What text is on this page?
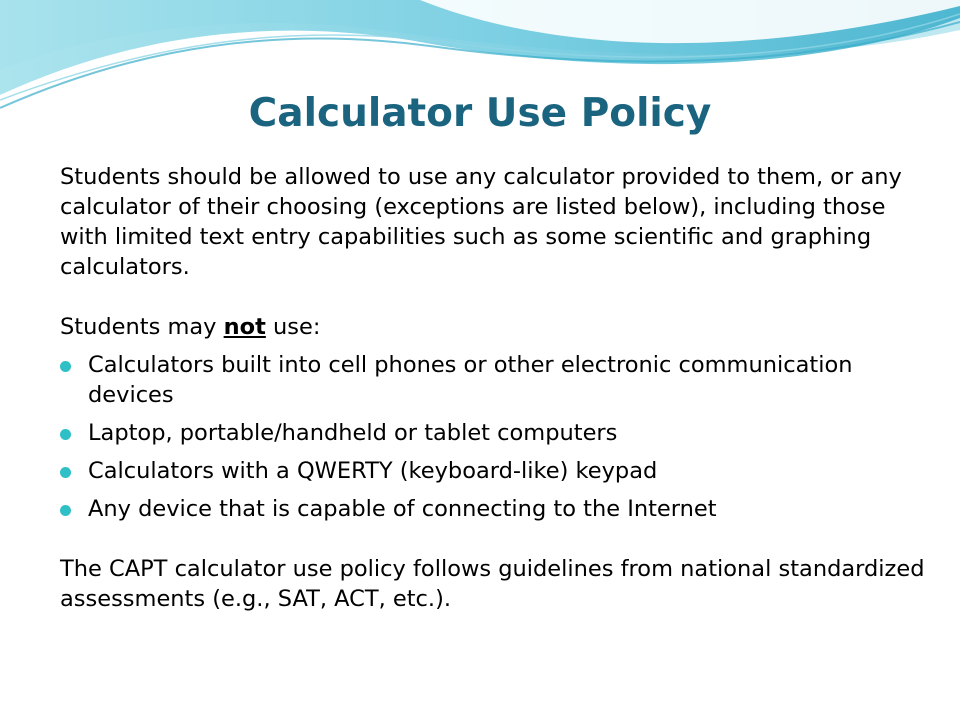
Calculator Use Policy

Students should be allowed to use any calculator provided to them, or any calculator of their choosing (exceptions are listed below), including those with limited text entry capabilities such as some scientific and graphing calculators.

Students may not use:

Calculators built into cell phones or other electronic communication devices
Laptop, portable/handheld or tablet computers
Calculators with a QWERTY (keyboard-like) keypad
Any device that is capable of connecting to the Internet

The CAPT calculator use policy follows guidelines from national standardized assessments (e.g., SAT, ACT, etc.).
